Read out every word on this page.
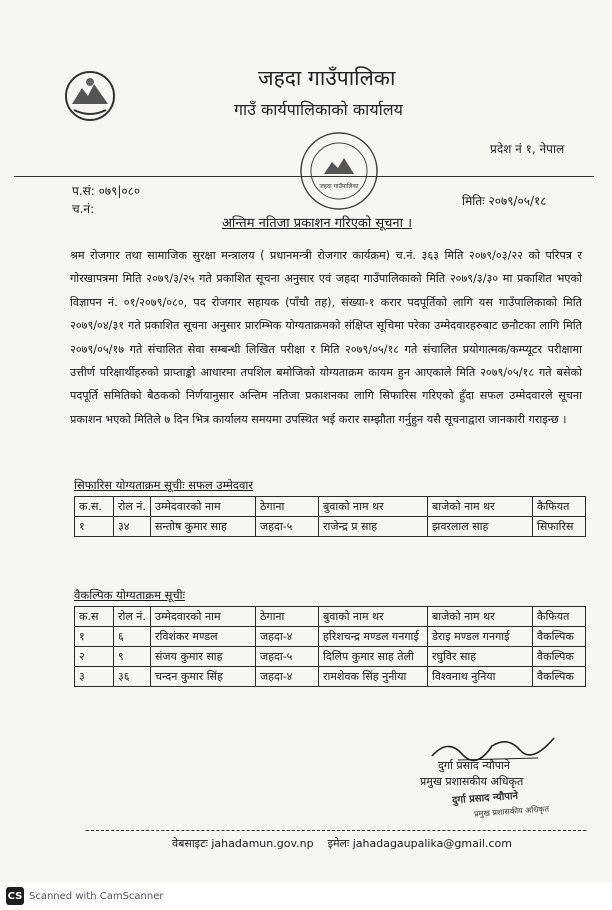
जहदा गाउँपालिका
गाउँ कार्यपालिकाको कार्यालय
जहदा गाउँपालिका
प्रदेश नं १, नेपाल
प.सं: ०७९|०८०
च.नं:
मितिः २०७९/०५/१८
अन्तिम नतिजा प्रकाशन गरिएको सूचना ।
श्रम रोजगार तथा सामाजिक सुरक्षा मन्त्रालय ( प्रधानमन्त्री रोजगार कार्यक्रम) च.नं. ३६३ मिति २०७९/०३/२२ को परिपत्र र गोरखापत्रमा मिति २०७९/३/२५ गते प्रकाशित सूचना अनुसार एवं जहदा गाउँपालिकाको मिति २०७९/३/३० मा प्रकाशित भएको विज्ञापन नं. ०१/२०७९/०८०, पद रोजगार सहायक (पाँचौ तह), संख्या-१ करार पदपूर्तिको लागि यस गाउँपालिकाको मिति २०७९/०४/३१ गते प्रकाशित सूचना अनुसार प्रारम्भिक योग्यताक्रमको संक्षिप्त सूचिमा परेका उम्मेदवारहरुबाट छनौटका लागि मिति २०७९/०५/१७ गते संचालित सेवा सम्बन्धी लिखित परीक्षा र मिति २०७९/०५/१८ गते संचालित प्रयोगात्मक/कम्प्यूटर परीक्षामा उत्तीर्ण परिक्षार्थीहरुको प्राप्ताङ्को आधारमा तपशिल बमोजिको योग्यताक्रम कायम हुन आएकाले मिति २०७९/०५/१८ गते बसेको पदपूर्ति समितिको बैठकको निर्णयानुसार अन्तिम नतिजा प्रकाशनका लागि सिफारिस गरिएको हुँदा सफल उम्मेदवारले सूचना प्रकाशन भएको मितिले ७ दिन भित्र कार्यालय समयमा उपस्थित भई करार सम्झौता गर्नुहुन यसै सूचनाद्वारा जानकारी गराइन्छ ।
सिफारिस योग्यताक्रम सूचीः सफल उम्मेदवार
क.स.	रोल नं.	उम्मेदवारको नाम	ठेगाना	बुवाको नाम थर	बाजेको नाम थर	कैफियत
१	३४	सन्तोष कुमार साह	जहदा-५	राजेन्द्र प्र साह	झवरलाल साह	सिफारिस
वैकल्पिक योग्यताक्रम सूचीः
क.स	रोल नं.	उम्मेदवारको नाम	ठेगाना	बुवाको नाम थर	बाजेको नाम थर	कैफियत
१	६	रविशंकर मण्डल	जहदा-४	हरिशचन्द्र मण्डल गनगाई	डेराइ मण्डल गनगाई	वैकल्पिक
२	९	संजय कुमार साह	जहदा-५	दिलिप कुमार साह तेली	रघुविर साह	वैकल्पिक
३	३६	चन्दन कुमार सिंह	जहदा-४	रामशेवक सिंह नुनीया	विश्वनाथ नुनिया	वैकल्पिक
दुर्गा प्रसाद न्यौपाने
प्रमुख प्रशासकीय अधिकृत
दुर्गा प्रसाद न्यौपाने
प्रमुख प्रशासकीय अधिकृत
वेबसाइटः jahadamun.gov.np इमेलः jahadagaupalika@gmail.com
CS Scanned with CamScanner
